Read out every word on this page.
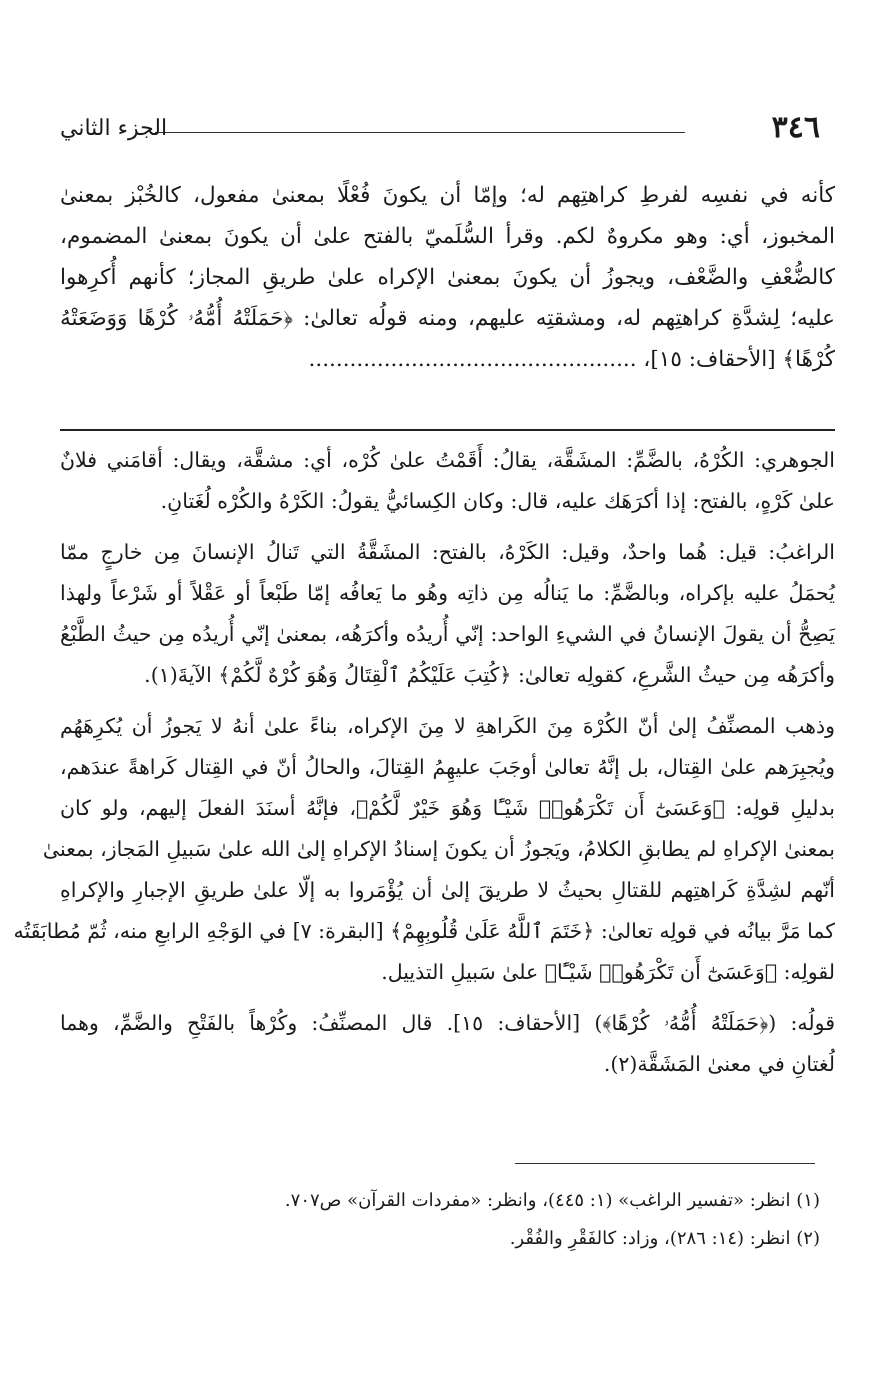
٣٤٦
الجزء الثاني
كأنه في نفسِه لفرطِ كراهتِهم له؛ وإمّا أن يكونَ فُعْلًا بمعنىٰ مفعول، كالخُبْز بمعنىٰ
المخبوز، أي: وهو مكروهٌ لكم. وقرأ السُّلَميّ بالفتح علىٰ أن يكونَ بمعنىٰ المضموم،
كالضُّعْفِ والضَّعْف، ويجوزُ أن يكونَ بمعنىٰ الإكراه علىٰ طريقِ المجاز؛ كأنهم أُكرِهوا
عليه؛ لِشدَّةِ كراهتِهم له، ومشقتِه عليهم، ومنه قولُه تعالىٰ: ﴿حَمَلَتْهُ أُمُّهُۥ كُرْهًا وَوَضَعَتْهُ
كُرْهًا﴾ [الأحقاف: ١٥]، ................................................
الجوهري: الكُرْهُ، بالضَّمِّ: المشَقَّة، يقالُ: أَقَمْتُ علىٰ كُرْه، أي: مشقَّة، ويقال: أقامَني فلانٌ
علىٰ كَرْهٍ، بالفتح: إذا أكرَهَك عليه، قال: وكان الكِسائيُّ يقولُ: الكَرْهُ والكُرْه لُغَتانِ.
الراغبُ: قيل: هُما واحدٌ، وقيل: الكَرْهُ، بالفتح: المشَقَّةُ التي تَنالُ الإنسانَ مِن خارجٍ ممّا
يُحمَلُ عليه بإكراه، وبالضَّمِّ: ما يَنالُه مِن ذاتِه وهُو ما يَعافُه إمّا طَبْعاً أو عَقْلاً أو شَرْعاً ولهذا
يَصِحُّ أن يقولَ الإنسانُ في الشيءِ الواحد: إنّي أُريدُه وأكرَهُه، بمعنىٰ إنّي أُريدُه مِن حيثُ الطَّبْعُ
وأكرَهُه مِن حيثُ الشَّرعِ، كقولِه تعالىٰ: ﴿كُتِبَ عَلَيْكُمُ ٱلْقِتَالُ وَهُوَ كُرْهٌ لَّكُمْ﴾ الآيةَ(١).
وذهب المصنِّفُ إلىٰ أنّ الكُرْهَ مِنَ الكَراهةِ لا مِنَ الإكراه، بناءً علىٰ أنهُ لا يَجوزُ أن يُكرِهَهُم
ويُجبِرَهم علىٰ القِتال، بل إنَّهُ تعالىٰ أوجَبَ عليهِمُ القِتالَ، والحالُ أنّ في القِتال كَراهةً عندَهم،
بدليلِ قولِه: ﴿وَعَسَىٰٓ أَن تَكْرَهُوا۟ شَيْـًٔا وَهُوَ خَيْرٌ لَّكُمْ﴾، فإنَّهُ أسنَدَ الفعلَ إليهم، ولو كان
بمعنىٰ الإكراهِ لم يطابقِ الكلامُ، ويَجوزُ أن يكونَ إسنادُ الإكراهِ إلىٰ الله علىٰ سَبيلِ المَجاز، بمعنىٰ
أنّهم لشِدَّةِ كَراهتِهم للقتالِ بحيثُ لا طريقَ إلىٰ أن يُؤْمَروا به إلّا علىٰ طريقِ الإجبارِ والإكراهِ
كما مَرَّ بيانُه في قولِه تعالىٰ: ﴿خَتَمَ ٱللَّهُ عَلَىٰ قُلُوبِهِمْ﴾ [البقرة: ٧] في الوَجْهِ الرابعِ منه، ثُمّ مُطابَقَتُه
لقولِه: ﴿وَعَسَىٰٓ أَن تَكْرَهُوا۟ شَيْـًٔا﴾ علىٰ سَبيلِ التذييل.
قولُه: (﴿حَمَلَتْهُ أُمُّهُۥ كُرْهًا﴾) [الأحقاف: ١٥]. قال المصنِّفُ: وكُرْهاً بالفَتْحِ والضَّمِّ، وهما
لُغتانِ في معنىٰ المَشَقَّة(٢).
(١) انظر: «تفسير الراغب» (١: ٤٤٥)، وانظر: «مفردات القرآن» ص٧٠٧.
(٢) انظر: (١٤: ٢٨٦)، وزاد: كالفَقْرِ والفُقْر.
